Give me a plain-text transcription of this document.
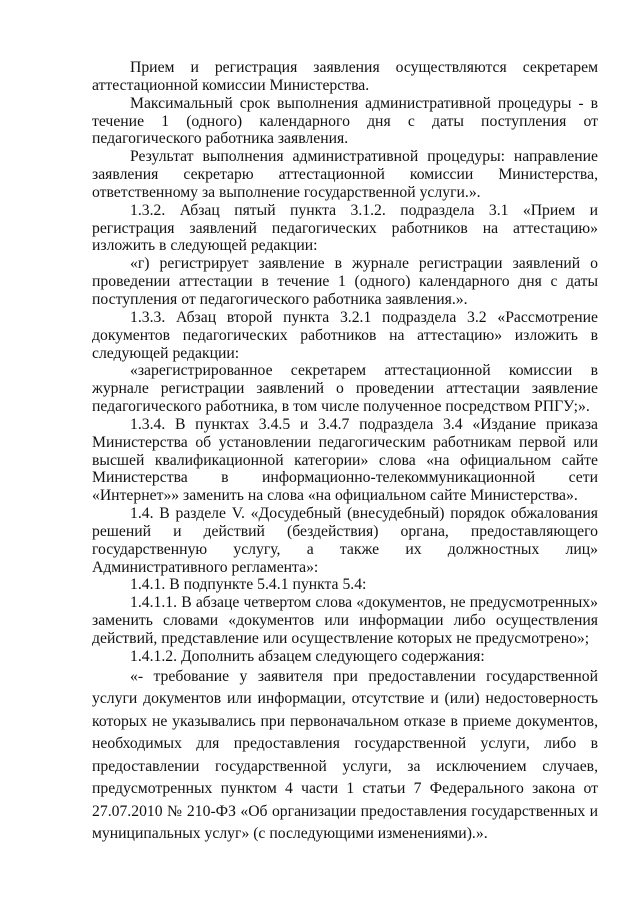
Прием и регистрация заявления осуществляются секретарем аттестационной комиссии Министерства.

Максимальный срок выполнения административной процедуры - в течение 1 (одного) календарного дня с даты поступления от педагогического работника заявления.

Результат выполнения административной процедуры: направление заявления секретарю аттестационной комиссии Министерства, ответственному за выполнение государственной услуги.».

1.3.2. Абзац пятый пункта 3.1.2. подраздела 3.1 «Прием и регистрация заявлений педагогических работников на аттестацию» изложить в следующей редакции:

«г) регистрирует заявление в журнале регистрации заявлений о проведении аттестации в течение 1 (одного) календарного дня с даты поступления от педагогического работника заявления.».

1.3.3. Абзац второй пункта 3.2.1 подраздела 3.2 «Рассмотрение документов педагогических работников на аттестацию» изложить в следующей редакции:

«зарегистрированное секретарем аттестационной комиссии в журнале регистрации заявлений о проведении аттестации заявление педагогического работника, в том числе полученное посредством РПГУ;».

1.3.4. В пунктах 3.4.5 и 3.4.7 подраздела 3.4 «Издание приказа Министерства об установлении педагогическим работникам первой или высшей квалификационной категории» слова «на официальном сайте Министерства в информационно-телекоммуникационной сети «Интернет»» заменить на слова «на официальном сайте Министерства».

1.4. В разделе V. «Досудебный (внесудебный) порядок обжалования решений и действий (бездействия) органа, предоставляющего государственную услугу, а также их должностных лиц» Административного регламента»:

1.4.1. В подпункте 5.4.1 пункта 5.4:

1.4.1.1. В абзаце четвертом слова «документов, не предусмотренных» заменить словами «документов или информации либо осуществления действий, представление или осуществление которых не предусмотрено»;

1.4.1.2. Дополнить абзацем следующего содержания:

«- требование у заявителя при предоставлении государственной услуги документов или информации, отсутствие и (или) недостоверность которых не указывались при первоначальном отказе в приеме документов, необходимых для предоставления государственной услуги, либо в предоставлении государственной услуги, за исключением случаев, предусмотренных пунктом 4 части 1 статьи 7 Федерального закона от 27.07.2010 № 210-ФЗ «Об организации предоставления государственных и муниципальных услуг» (с последующими изменениями).».
